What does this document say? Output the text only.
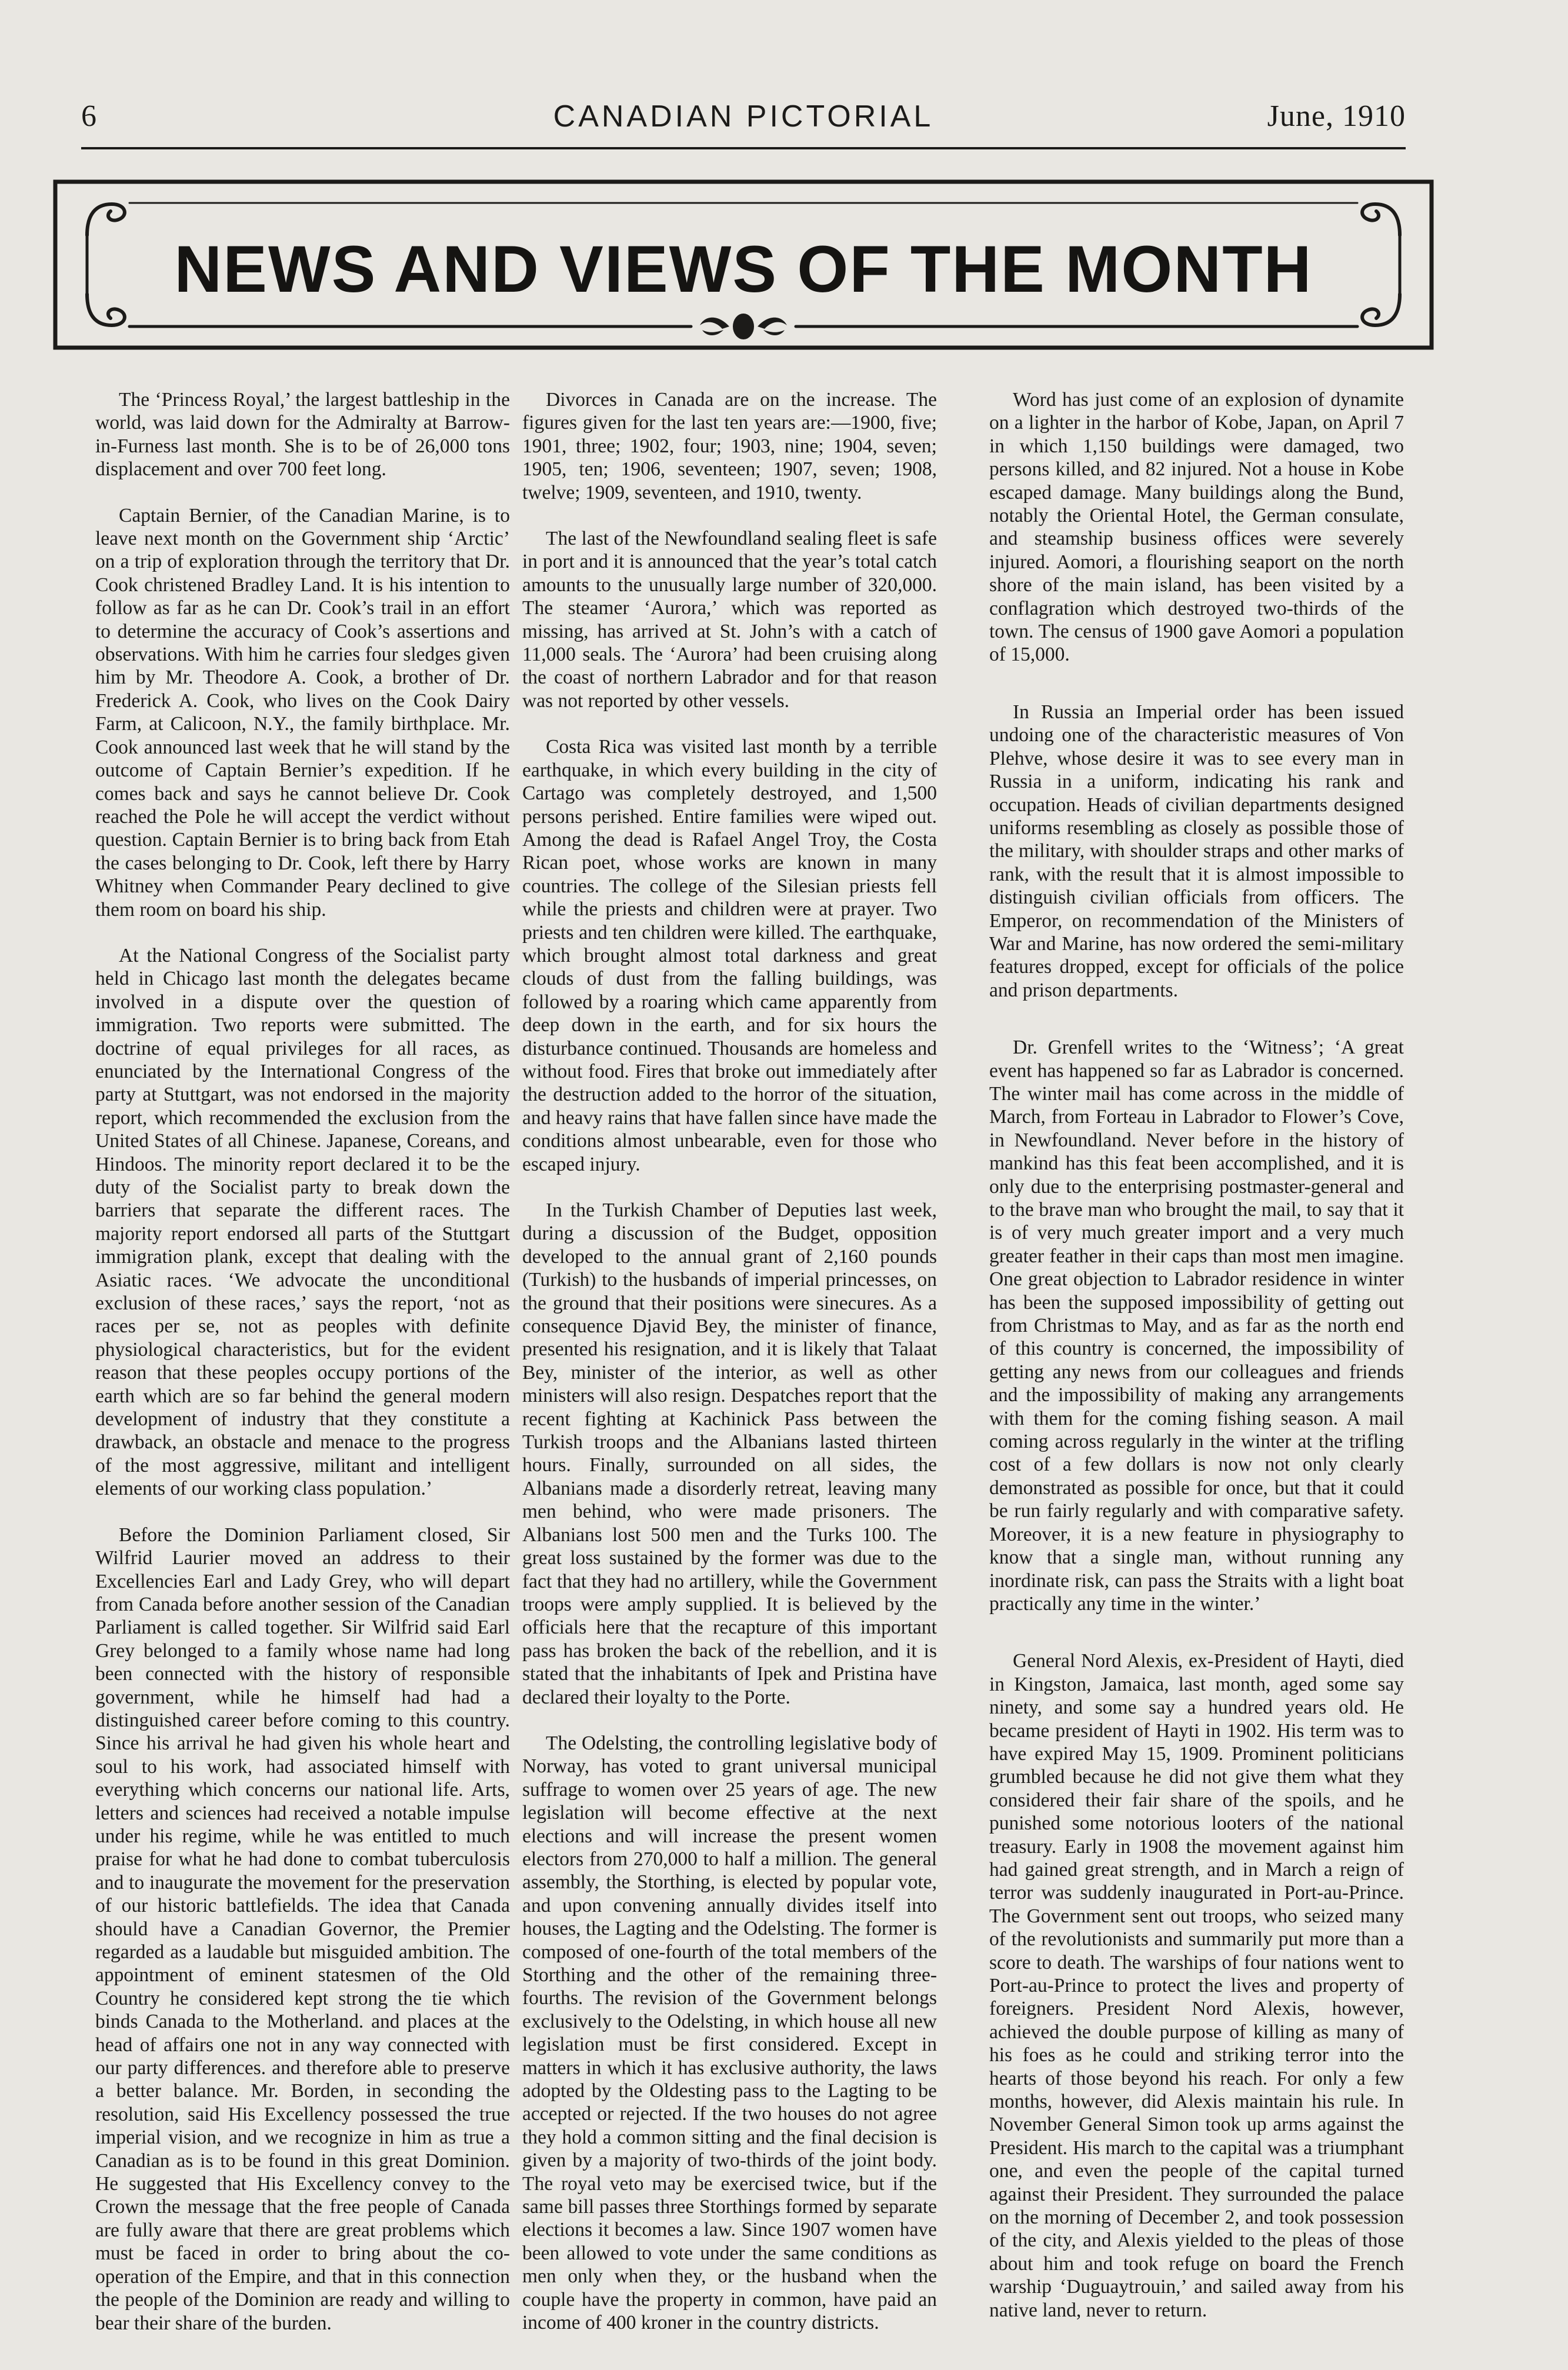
6	CANADIAN PICTORIAL	June, 1910
NEWS AND VIEWS OF THE MONTH

The ‘Princess Royal,’ the largest battleship in the world, was laid down for the Admiralty at Barrow-in-Furness last month. She is to be of 26,000 tons displacement and over 700 feet long.

Captain Bernier, of the Canadian Marine, is to leave next month on the Government ship ‘Arctic’ on a trip of exploration through the territory that Dr. Cook christened Bradley Land. It is his intention to follow as far as he can Dr. Cook’s trail in an effort to determine the accuracy of Cook’s assertions and observations. With him he carries four sledges given him by Mr. Theodore A. Cook, a brother of Dr. Frederick A. Cook, who lives on the Cook Dairy Farm, at Calicoon, N.Y., the family birthplace. Mr. Cook announced last week that he will stand by the outcome of Captain Bernier’s expedition. If he comes back and says he cannot believe Dr. Cook reached the Pole he will accept the verdict without question. Captain Bernier is to bring back from Etah the cases belonging to Dr. Cook, left there by Harry Whitney when Commander Peary declined to give them room on board his ship.

At the National Congress of the Socialist party held in Chicago last month the delegates became involved in a dispute over the question of immigration. Two reports were submitted. The doctrine of equal privileges for all races, as enunciated by the International Congress of the party at Stuttgart, was not endorsed in the majority report, which recommended the exclusion from the United States of all Chinese. Japanese, Coreans, and Hindoos. The minority report declared it to be the duty of the Socialist party to break down the barriers that separate the different races. The majority report endorsed all parts of the Stuttgart immigration plank, except that dealing with the Asiatic races. ‘We advocate the unconditional exclusion of these races,’ says the report, ‘not as races per se, not as peoples with definite physiological characteristics, but for the evident reason that these peoples occupy portions of the earth which are so far behind the general modern development of industry that they constitute a drawback, an obstacle and menace to the progress of the most aggressive, militant and intelligent elements of our working class population.’

Before the Dominion Parliament closed, Sir Wilfrid Laurier moved an address to their Excellencies Earl and Lady Grey, who will depart from Canada before another session of the Canadian Parliament is called together. Sir Wilfrid said Earl Grey belonged to a family whose name had long been connected with the history of responsible government, while he himself had had a distinguished career before coming to this country. Since his arrival he had given his whole heart and soul to his work, had associated himself with everything which concerns our national life. Arts, letters and sciences had received a notable impulse under his regime, while he was entitled to much praise for what he had done to combat tuberculosis and to inaugurate the movement for the preservation of our historic battlefields. The idea that Canada should have a Canadian Governor, the Premier regarded as a laudable but misguided ambition. The appointment of eminent statesmen of the Old Country he considered kept strong the tie which binds Canada to the Motherland. and places at the head of affairs one not in any way connected with our party differences. and therefore able to preserve a better balance. Mr. Borden, in seconding the resolution, said His Excellency possessed the true imperial vision, and we recognize in him as true a Canadian as is to be found in this great Dominion. He suggested that His Excellency convey to the Crown the message that the free people of Canada are fully aware that there are great problems which must be faced in order to bring about the co-operation of the Empire, and that in this connection the people of the Dominion are ready and willing to bear their share of the burden.

Divorces in Canada are on the increase. The figures given for the last ten years are:—1900, five; 1901, three; 1902, four; 1903, nine; 1904, seven; 1905, ten; 1906, seventeen; 1907, seven; 1908, twelve; 1909, seventeen, and 1910, twenty.

The last of the Newfoundland sealing fleet is safe in port and it is announced that the year’s total catch amounts to the unusually large number of 320,000. The steamer ‘Aurora,’ which was reported as missing, has arrived at St. John’s with a catch of 11,000 seals. The ‘Aurora’ had been cruising along the coast of northern Labrador and for that reason was not reported by other vessels.

Costa Rica was visited last month by a terrible earthquake, in which every building in the city of Cartago was completely destroyed, and 1,500 persons perished. Entire families were wiped out. Among the dead is Rafael Angel Troy, the Costa Rican poet, whose works are known in many countries. The college of the Silesian priests fell while the priests and children were at prayer. Two priests and ten children were killed. The earthquake, which brought almost total darkness and great clouds of dust from the falling buildings, was followed by a roaring which came apparently from deep down in the earth, and for six hours the disturbance continued. Thousands are homeless and without food. Fires that broke out immediately after the destruction added to the horror of the situation, and heavy rains that have fallen since have made the conditions almost unbearable, even for those who escaped injury.

In the Turkish Chamber of Deputies last week, during a discussion of the Budget, opposition developed to the annual grant of 2,160 pounds (Turkish) to the husbands of imperial princesses, on the ground that their positions were sinecures. As a consequence Djavid Bey, the minister of finance, presented his resignation, and it is likely that Talaat Bey, minister of the interior, as well as other ministers will also resign. Despatches report that the recent fighting at Kachinick Pass between the Turkish troops and the Albanians lasted thirteen hours. Finally, surrounded on all sides, the Albanians made a disorderly retreat, leaving many men behind, who were made prisoners. The Albanians lost 500 men and the Turks 100. The great loss sustained by the former was due to the fact that they had no artillery, while the Government troops were amply supplied. It is believed by the officials here that the recapture of this important pass has broken the back of the rebellion, and it is stated that the inhabitants of Ipek and Pristina have declared their loyalty to the Porte.

The Odelsting, the controlling legislative body of Norway, has voted to grant universal municipal suffrage to women over 25 years of age. The new legislation will become effective at the next elections and will increase the present women electors from 270,000 to half a million. The general assembly, the Storthing, is elected by popular vote, and upon convening annually divides itself into houses, the Lagting and the Odelsting. The former is composed of one-fourth of the total members of the Storthing and the other of the remaining three-fourths. The revision of the Government belongs exclusively to the Odelsting, in which house all new legislation must be first considered. Except in matters in which it has exclusive authority, the laws adopted by the Oldesting pass to the Lagting to be accepted or rejected. If the two houses do not agree they hold a common sitting and the final decision is given by a majority of two-thirds of the joint body. The royal veto may be exercised twice, but if the same bill passes three Storthings formed by separate elections it becomes a law. Since 1907 women have been allowed to vote under the same conditions as men only when they, or the husband when the couple have the property in common, have paid an income of 400 kroner in the country districts.

Word has just come of an explosion of dynamite on a lighter in the harbor of Kobe, Japan, on April 7 in which 1,150 buildings were damaged, two persons killed, and 82 injured. Not a house in Kobe escaped damage. Many buildings along the Bund, notably the Oriental Hotel, the German consulate, and steamship business offices were severely injured. Aomori, a flourishing seaport on the north shore of the main island, has been visited by a conflagration which destroyed two-thirds of the town. The census of 1900 gave Aomori a population of 15,000.

In Russia an Imperial order has been issued undoing one of the characteristic measures of Von Plehve, whose desire it was to see every man in Russia in a uniform, indicating his rank and occupation. Heads of civilian departments designed uniforms resembling as closely as possible those of the military, with shoulder straps and other marks of rank, with the result that it is almost impossible to distinguish civilian officials from officers. The Emperor, on recommendation of the Ministers of War and Marine, has now ordered the semi-military features dropped, except for officials of the police and prison departments.

Dr. Grenfell writes to the ‘Witness’; ‘A great event has happened so far as Labrador is concerned. The winter mail has come across in the middle of March, from Forteau in Labrador to Flower’s Cove, in Newfoundland. Never before in the history of mankind has this feat been accomplished, and it is only due to the enterprising postmaster-general and to the brave man who brought the mail, to say that it is of very much greater import and a very much greater feather in their caps than most men imagine. One great objection to Labrador residence in winter has been the supposed impossibility of getting out from Christmas to May, and as far as the north end of this country is concerned, the impossibility of getting any news from our colleagues and friends and the impossibility of making any arrangements with them for the coming fishing season. A mail coming across regularly in the winter at the trifling cost of a few dollars is now not only clearly demonstrated as possible for once, but that it could be run fairly regularly and with comparative safety. Moreover, it is a new feature in physiography to know that a single man, without running any inordinate risk, can pass the Straits with a light boat practically any time in the winter.’

General Nord Alexis, ex-President of Hayti, died in Kingston, Jamaica, last month, aged some say ninety, and some say a hundred years old. He became president of Hayti in 1902. His term was to have expired May 15, 1909. Prominent politicians grumbled because he did not give them what they considered their fair share of the spoils, and he punished some notorious looters of the national treasury. Early in 1908 the movement against him had gained great strength, and in March a reign of terror was suddenly inaugurated in Port-au-Prince. The Government sent out troops, who seized many of the revolutionists and summarily put more than a score to death. The warships of four nations went to Port-au-Prince to protect the lives and property of foreigners. President Nord Alexis, however, achieved the double purpose of killing as many of his foes as he could and striking terror into the hearts of those beyond his reach. For only a few months, however, did Alexis maintain his rule. In November General Simon took up arms against the President. His march to the capital was a triumphant one, and even the people of the capital turned against their President. They surrounded the palace on the morning of December 2, and took possession of the city, and Alexis yielded to the pleas of those about him and took refuge on board the French warship ‘Duguaytrouin,’ and sailed away from his native land, never to return.
